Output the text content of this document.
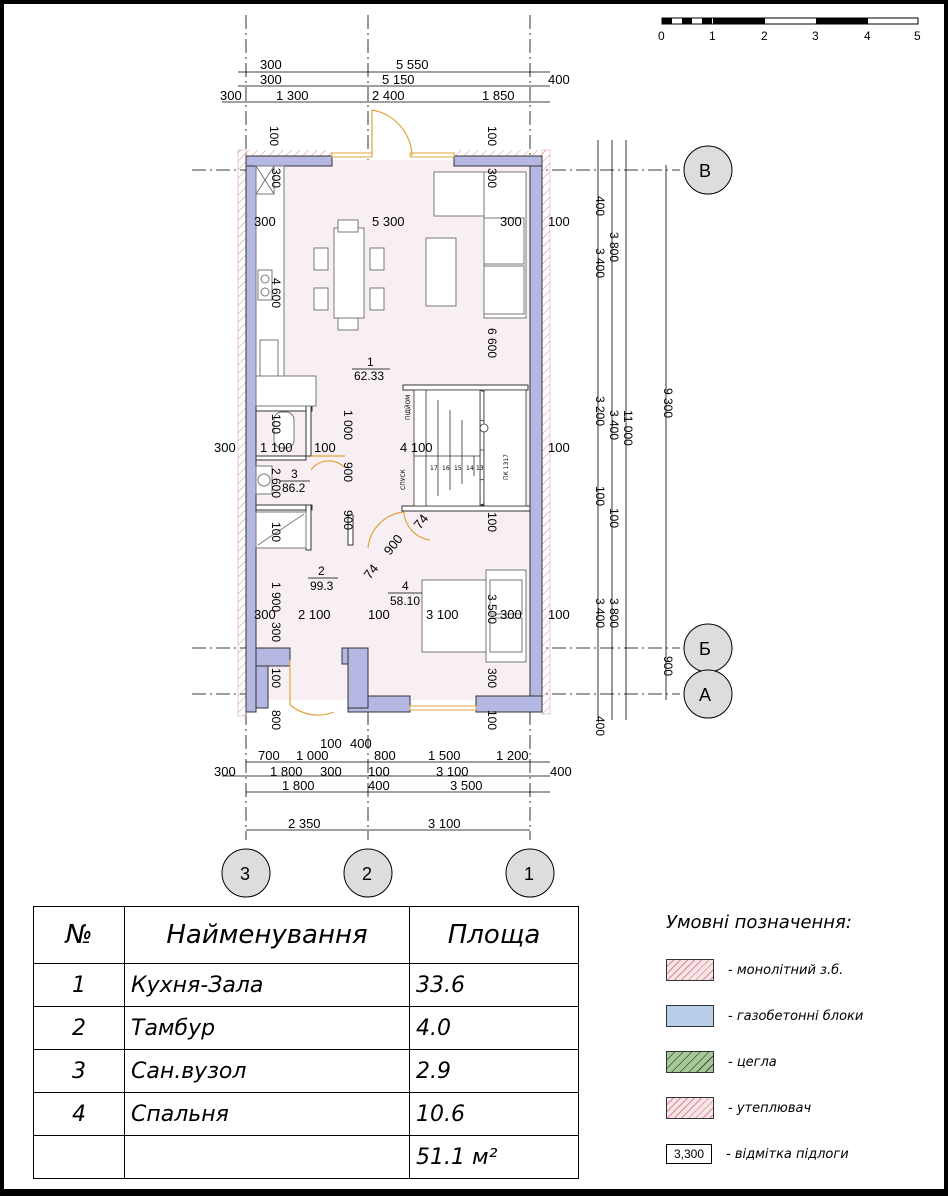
0	1	2	3	4	5
ПІДЙОМ
СПУСК	ПК 1317
17 16 15 14 13
В
Б
А
3	2	1
300	5 550
300	5 150	400
300	1 300	2 400	1 850
100 400
700 1 000	800 1 500	1 200
300	1 800 300 100	3 100	400
1 800	400	3 500
2 350	3 100
400
3 400
3 200
100
3 400
400
3 800
3 400
100
3 800
11 000
9 300
900
300	5 300	300 100
300 1 100 100	4 100	100
300 2 100	100	3 100	300 100
100
300
100
300
4 600
6 600
1 000
100
2 600	900
900
100
1 900
100
3 500
300
100
800
300
100
900
74
74
1
62.33
3
86.2
2
99.3	4
58.10
№	Найменування	Площа
1	Кухня-Зала	33.6
2	Тамбур	4.0
3	Сан.вузол	2.9
4	Спальня	10.6
		51.1 м²
Умовні позначення:
- монолітний з.б.
- газобетонні блоки
- цегла
- утеплювач
3,300	- відмітка підлоги
